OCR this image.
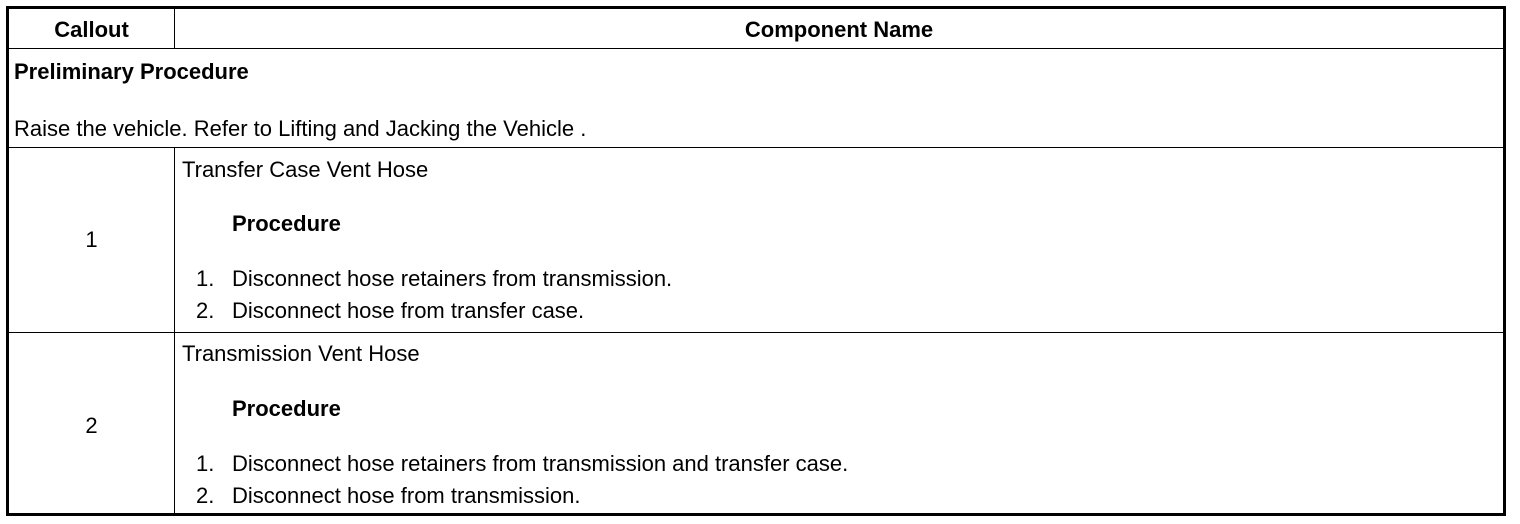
Callout	Component Name
Preliminary Procedure
Raise the vehicle. Refer to Lifting and Jacking the Vehicle .
1
Transfer Case Vent Hose
Procedure
1. Disconnect hose retainers from transmission.
2. Disconnect hose from transfer case.
2
Transmission Vent Hose
Procedure
1. Disconnect hose retainers from transmission and transfer case.
2. Disconnect hose from transmission.
